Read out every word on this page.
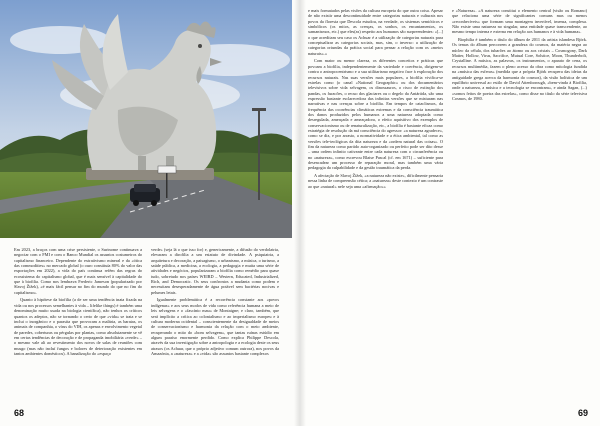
Em 2023, a braços com uma crise persistente, o Surinome continuava a negociar com o FMI e com o Banco Mundial os assuntos costumeiros do capitalismo financeiro. Dependente do extrativismo mineral e da «ótica das commodities» no mercado global (o ouro constituía 80% do valor das exportações em 2022), a vida do país continua refém das regras do ecossistema do capitalismo global, que é mais sensível à capitalidade do que à biofilia. Como nos lembrava Frederic Jameson (popularizado por Slavoj Žižek), «é mais fácil pensar no fim do mundo do que no fim do capitalismo».

Quanto à hipótese da biofilia (a de ser uma tendência inata fixada na vida ou nos processos semelhantes à vida – lifelike things) é também uma denominação muito usada na biologia científica), não tenhos os críticos quantos os adeptos, não se tornando o certo de que «vida» se trata e se inclui o inorgânico e o parasita que provocam a malária, as baratas, os animais de companhia, o vírus do VIH, os apenas e envolvimento vegetal de paredes, coberturas ou pérgulas por plantas, como absolutamente se vê em certas tendências de decoração e de propaganda imobiliária «verde» – o mesmo vale ali ao revestimento dos novos de salas de reuniões com musgo (mas não incluí fungos e bolores de deterioração existentes em tantos ambientes domésticos). A banalização do «espaço

verde» (seja lá o que isso for) e, genericamente, a difusão do verdolatria, elevaram a dirofilia a um estatuto de divindade. A psiquiatria, a arquitetura e decoração, a paisagismo, o urbanismo, a música, o turismo, a saúde pública, a medicina, a ecologia, a pedagogia e muita uma série de atividades e negócios, popularizaram a biofilia como remédio para quase tudo, sobretudo nos países WEIRD – Western, Educated, Industrialized, Rich, and Democratic. Os seus confrontos a mudanta como podem e necessitam desesperadamente de água potável sem bactérias nocivas e pelumes letais.

Igualmente problemática é a recorrência constante aos «povos indígenas» e aos seus modos de vida como referência humana a meio de leis selvagens e o «fascínio mau» de Montaigne; e claro, também, que será implícito a crítica ao colonialismo e ao imperialismo europeu e à cultura moderna ocidental – conscientemente da desigualdade de meios de conservacionismo e harmonia da relação com o meio ambiente, recuperando o mito do «bom selvagem», que tantas ruínas estúdio em algum paraíso enormente perdido. Como explica Philippe Descola, através da sua investigação sobre a antropologia e a ecologia deste os seus atrasos (os Achuar, que o próprio adjetivo comum outrora), nos povos da Amazónia, a «natureza» e a «vida» são assuntos bastante complexos

68

e mais formatados pelas visões da cultura europeia do que outra coisa. Apesar de não existir uma descontinuidade entre categorias naturais e culturais nos povos da floresta que Descola estudou, na verdade, os sistemas semióticos e simbólicos (os mitos, as crenças, os sonhos, os encantamentos, os xamanismos, etc.) que eles(as) respeito aos humanos são surpreendentes: «[...] o que acreditam seu caso os Achuar é a utilização de categorias naturais para conceptualizar as categorias sociais, mas, sim, o inverso: a utilização de categorias oriundas da prática social para pensar a relação com os «meios naturais».»

Com maior ou menor clareza, os diferentes conceitos e práticas que povoam a biofilia, independentemente da variedade e coerência, dirigem-se contra o antropocentrismo e a sua utilitarismo negativo face à exploração dos recursos naturais. Nas suas versões mais populares, a biofilia vivifica-se estrelas como (o canal «National Geographic» ou dos documentários televisivos sobre vida selvagem, os dinossauros, o risco de extinção dos pandas, os furacões, o recuo dos glaciares ou o degelo da Antártida, são uma expressão bastante esclarecedora das infinitas versões que se misturam nas narrativas e nas crenças sobre a biofilia. Em tempos de cataclismos, da frequência das ocorrências climáticas extremas e da consciência traumática dos danos produzidos pelos humanos a uma natureza adoptada como desregulada, ameaçada e ameaçadora, o efeito aquisitivo dos exemplos de conservacionismo ou de renaturalização, etc., a biofilia é bastante eficaz como estratégia de resolução da má consciência do agressor: «a natureza agradece», como se diz, e por arrasto, a normatividade e a ética ambiental, tal como as versões tele-teológicas da dita natureza e da «ordem natural das coisas». O fim da natureza como partido auto-organizado ou perfeito pode ser dito desse – uma ordem infinito cativante entre cada natureza com o circunferência ou no «natureza», como escrevou Blaise Pascal (cf. em 1671) – suficiente para desencadear um processo de reparação moral, mas também uma vária pedagogia da culpabilidade e da gestão traumática da perda.

A afectação de Slavoj Žižek, «a natureza não existe», dificilmente pensaria nessa linha de compreensão cética; a «natureza» deste contexto é um contraste ao que «natural» nele seja uma «afirmação»»

e «Natureza». «A natureza constitui o elemento central (visão ou Romano) que relaciona uma série de significantes comuns mas ou menos «reconhecíveis» que formam uma montagem invertível, imensa, complexa. Não existe uma natureza no singular, uma entidade quase transcendente, ao mesmo tempo interna e externa em relação aos humanos e à vida humana».

Biophilia é também o título do álbum de 2011 da artista islandesa Björk. Os temas do álbum percorrem a grandeza do cosmos, da matéria negra ao núcleo da célula, dos tubarões ao átomo ou aos cristais – Cosmogony, Dark Matter, Hollow, Virus, Sacrifice, Mutual Core, Solstice, Moon, Thunderbolt, Crystalline. A música, as palavras, os instrumentos, o aparato de cena, os recursos multimédia, fazem o pleno acesso da obra como mitologia fundida na «música das esferas» (medida que a própria Björk recupera das ideias da antiguidade grega acerca da harmonia do cosmos), da visão holística de um equilíbrio universal ao estilo de David Attenborough, «bem-vinda à Biofilia, onde a natureza, a música e a tecnologia se encontram», e ainda Sagan, (...) «somos feitos de poeira das estrelas», como disse no título da série televisiva Cosmos, de 1980.

69
